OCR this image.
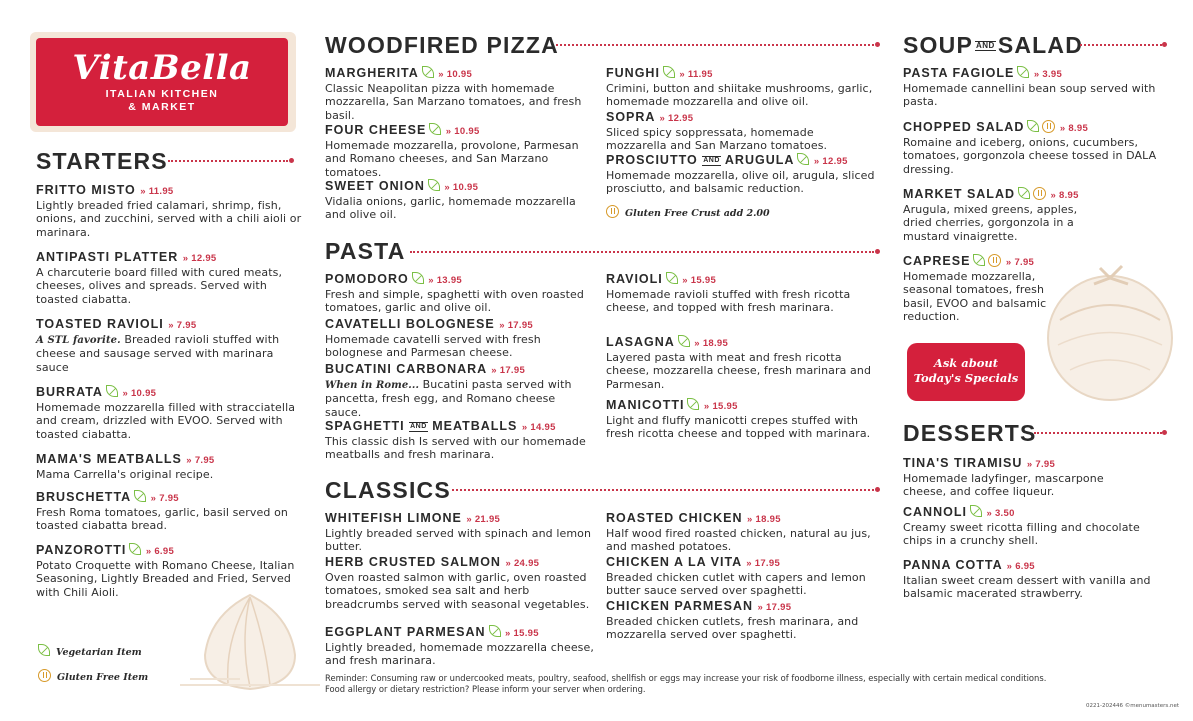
VitaBella
ITALIAN KITCHEN
& MARKET
STARTERS
FRITTO MISTO » 11.95
Lightly breaded fried calamari, shrimp, fish, onions, and zucchini, served with a chili aioli or marinara.
ANTIPASTI PLATTER » 12.95
A charcuterie board filled with cured meats, cheeses, olives and spreads. Served with toasted ciabatta.
TOASTED RAVIOLI » 7.95
A STL favorite. Breaded ravioli stuffed with cheese and sausage served with marinara sauce
BURRATA » 10.95
Homemade mozzarella filled with stracciatella and cream, drizzled with EVOO. Served with toasted ciabatta.
MAMA'S MEATBALLS » 7.95
Mama Carrella's original recipe.
BRUSCHETTA » 7.95
Fresh Roma tomatoes, garlic, basil served on toasted ciabatta bread.
PANZOROTTI » 6.95
Potato Croquette with Romano Cheese, Italian Seasoning, Lightly Breaded and Fried, Served with Chili Aioli.
Vegetarian Item
Gluten Free Item
WOODFIRED PIZZA
MARGHERITA » 10.95
Classic Neapolitan pizza with homemade mozzarella, San Marzano tomatoes, and fresh basil.
FOUR CHEESE » 10.95
Homemade mozzarella, provolone, Parmesan and Romano cheeses, and San Marzano tomatoes.
SWEET ONION » 10.95
Vidalia onions, garlic, homemade mozzarella and olive oil.
FUNGHI » 11.95
Crimini, button and shiitake mushrooms, garlic, homemade mozzarella and olive oil.
SOPRA » 12.95
Sliced spicy soppressata, homemade mozzarella and San Marzano tomatoes.
PROSCIUTTO AND ARUGULA » 12.95
Homemade mozzarella, olive oil, arugula, sliced prosciutto, and balsamic reduction.
Gluten Free Crust add 2.00
PASTA
POMODORO » 13.95
Fresh and simple, spaghetti with oven roasted tomatoes, garlic and olive oil.
CAVATELLI BOLOGNESE » 17.95
Homemade cavatelli served with fresh bolognese and Parmesan cheese.
BUCATINI CARBONARA » 17.95
When in Rome... Bucatini pasta served with pancetta, fresh egg, and Romano cheese sauce.
SPAGHETTI AND MEATBALLS » 14.95
This classic dish Is served with our homemade meatballs and fresh marinara.
RAVIOLI » 15.95
Homemade ravioli stuffed with fresh ricotta cheese, and topped with fresh marinara.
LASAGNA » 18.95
Layered pasta with meat and fresh ricotta cheese, mozzarella cheese, fresh marinara and Parmesan.
MANICOTTI » 15.95
Light and fluffy manicotti crepes stuffed with fresh ricotta cheese and topped with marinara.
CLASSICS
WHITEFISH LIMONE » 21.95
Lightly breaded served with spinach and lemon butter.
HERB CRUSTED SALMON » 24.95
Oven roasted salmon with garlic, oven roasted tomatoes, smoked sea salt and herb breadcrumbs served with seasonal vegetables.
EGGPLANT PARMESAN » 15.95
Lightly breaded, homemade mozzarella cheese, and fresh marinara.
ROASTED CHICKEN » 18.95
Half wood fired roasted chicken, natural au jus, and mashed potatoes.
CHICKEN A LA VITA » 17.95
Breaded chicken cutlet with capers and lemon butter sauce served over spaghetti.
CHICKEN PARMESAN » 17.95
Breaded chicken cutlets, fresh marinara, and mozzarella served over spaghetti.
SOUP AND SALAD
PASTA FAGIOLE » 3.95
Homemade cannellini bean soup served with pasta.
CHOPPED SALAD	» 8.95
Romaine and iceberg, onions, cucumbers, tomatoes, gorgonzola cheese tossed in DALA dressing.
MARKET SALAD	» 8.95
Arugula, mixed greens, apples, dried cherries, gorgonzola in a mustard vinaigrette.
CAPRESE	» 7.95
Homemade mozzarella, seasonal tomatoes, fresh basil, EVOO and balsamic reduction.
Ask about
Today's Specials
DESSERTS
TINA'S TIRAMISU » 7.95
Homemade ladyfinger, mascarpone cheese, and coffee liqueur.
CANNOLI » 3.50
Creamy sweet ricotta filling and chocolate chips in a crunchy shell.
PANNA COTTA » 6.95
Italian sweet cream dessert with vanilla and balsamic macerated strawberry.
Reminder: Consuming raw or undercooked meats, poultry, seafood, shellfish or eggs may increase your risk of foodborne illness, especially with certain medical conditions.
Food allergy or dietary restriction? Please inform your server when ordering.
0221-202446 ©menumasters.net
